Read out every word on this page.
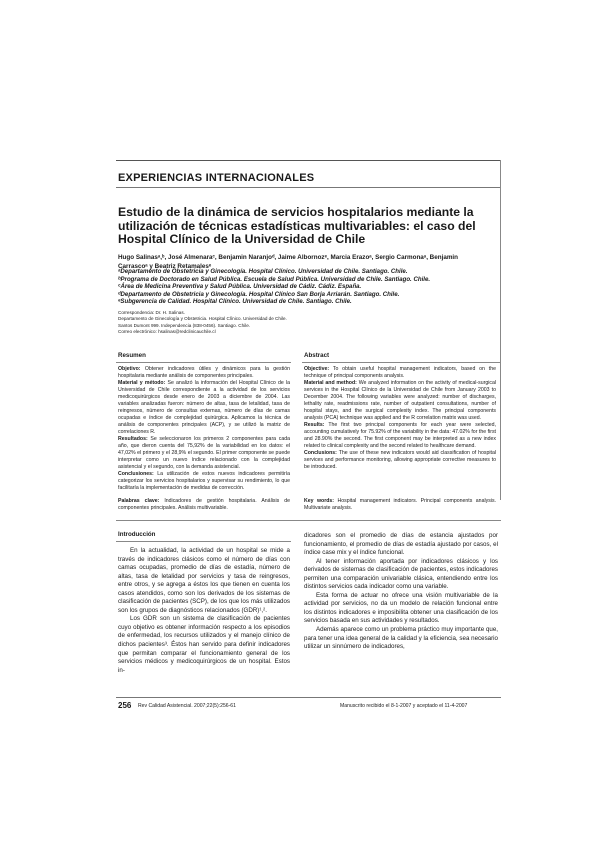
EXPERIENCIAS INTERNACIONALES
Estudio de la dinámica de servicios hospitalarios mediante la utilización de técnicas estadísticas multivariables: el caso del Hospital Clínico de la Universidad de Chile
Hugo Salinasᵃ,ᵇ, José Almenaraᶜ, Benjamin Naranjoᵈ, Jaime Albornozᵉ, Marcia Erazoᵃ, Sergio Carmonaᵃ, Benjamin Carrascoᵃ y Beatriz Retamalesᵉ
ᵃDepartamento de Obstetricia y Ginecología. Hospital Clínico. Universidad de Chile. Santiago. Chile.
ᵇPrograma de Doctorado en Salud Pública. Escuela de Salud Pública. Universidad de Chile. Santiago. Chile.
ᶜÁrea de Medicina Preventiva y Salud Pública. Universidad de Cádiz. Cádiz. España.
ᵈDepartamento de Obstetricia y Ginecología. Hospital Clínico San Borja Arriarán. Santiago. Chile.
ᵉSubgerencia de Calidad. Hospital Clínico. Universidad de Chile. Santiago. Chile.
Correspondencia: Dr. H. Salinas.
Departamento de Ginecología y Obstetricia. Hospital Clínico. Universidad de Chile.
Santos Dumont 999. Independencia (838-0456). Santiago. Chile.
Correo electrónico: hsalinas@redclinicauchile.cl
Resumen

Objetivo: Obtener indicadores útiles y dinámicos para la gestión hospitalaria mediante análisis de componentes principales.

Material y método: Se analizó la información del Hospital Clínico de la Universidad de Chile correspondiente a la actividad de los servicios medicoquirúrgicos desde enero de 2003 a diciembre de 2004. Las variables analizadas fueron: número de altas, tasa de letalidad, tasa de reingresos, número de consultas externas, número de días de camas ocupadas e índice de complejidad quirúrgica. Aplicamos la técnica de análisis de componentes principales (ACP), y se utilizó la matriz de correlaciones R.

Resultados: Se seleccionaron los primeros 2 componentes para cada año, que dieron cuenta del 75,92% de la variabilidad en los datos: el 47,02% el primero y el 28,9% el segundo. El primer componente se puede interpretar como un nuevo índice relacionado con la complejidad asistencial y el segundo, con la demanda asistencial.

Conclusiones: La utilización de estos nuevos indicadores permitiría categorizar los servicios hospitalarios y supervisar su rendimiento, lo que facilitaría la implementación de medidas de corrección.

Palabras clave: Indicadores de gestión hospitalaria. Análisis de componentes principales. Análisis multivariable.
Abstract

Objective: To obtain useful hospital management indicators, based on the technique of principal components analysis.

Material and method: We analyzed information on the activity of medical-surgical services in the Hospital Clínico de la Universidad de Chile from January 2003 to December 2004. The following variables were analyzed: number of discharges, lethality rate, readmissions rate, number of outpatient consultations, number of hospital stays, and the surgical complexity index. The principal components analysis (PCA) technique was applied and the R correlation matrix was used.

Results: The first two principal components for each year were selected, accounting cumulatively for 75.92% of the variability in the data: 47.02% for the first and 28.90% the second. The first component may be interpreted as a new index related to clinical complexity and the second related to healthcare demand.

Conclusions: The use of these new indicators would aid classification of hospital services and performance monitoring, allowing appropriate corrective measures to be introduced.

Key words: Hospital management indicators. Principal components analysis. Multivariate analysis.
Introducción

En la actualidad, la actividad de un hospital se mide a través de indicadores clásicos como el número de días con camas ocupadas, promedio de días de estadía, número de altas, tasa de letalidad por servicios y tasa de reingresos, entre otros, y se agrega a éstos los que tienen en cuenta los casos atendidos, como son los derivados de los sistemas de clasificación de pacientes (SCP), de los que los más utilizados son los grupos de diagnósticos relacionados (GDR)¹,².

Los GDR son un sistema de clasificación de pacientes cuyo objetivo es obtener información respecto a los episodios de enfermedad, los recursos utilizados y el manejo clínico de dichos pacientes³. Éstos han servido para definir indicadores que permitan comparar el funcionamiento general de los servicios médicos y medicoquirúrgicos de un hospital. Estos in-

dicadores son el promedio de días de estancia ajustados por funcionamiento, el promedio de días de estadía ajustado por casos, el índice case mix y el índice funcional.

Al tener información aportada por indicadores clásicos y los derivados de sistemas de clasificación de pacientes, estos indicadores permiten una comparación univariable clásica, entendiendo entre los distintos servicios cada indicador como una variable.

Esta forma de actuar no ofrece una visión multivariable de la actividad por servicios, no da un modelo de relación funcional entre los distintos indicadores e imposibilita obtener una clasificación de los servicios basada en sus actividades y resultados.

Además aparece como un problema práctico muy importante que, para tener una idea general de la calidad y la eficiencia, sea necesario utilizar un sinnúmero de indicadores,

256 Rev Calidad Asistencial. 2007;22(5):256-61	Manuscrito recibido el 8-1-2007 y aceptado el 11-4-2007
